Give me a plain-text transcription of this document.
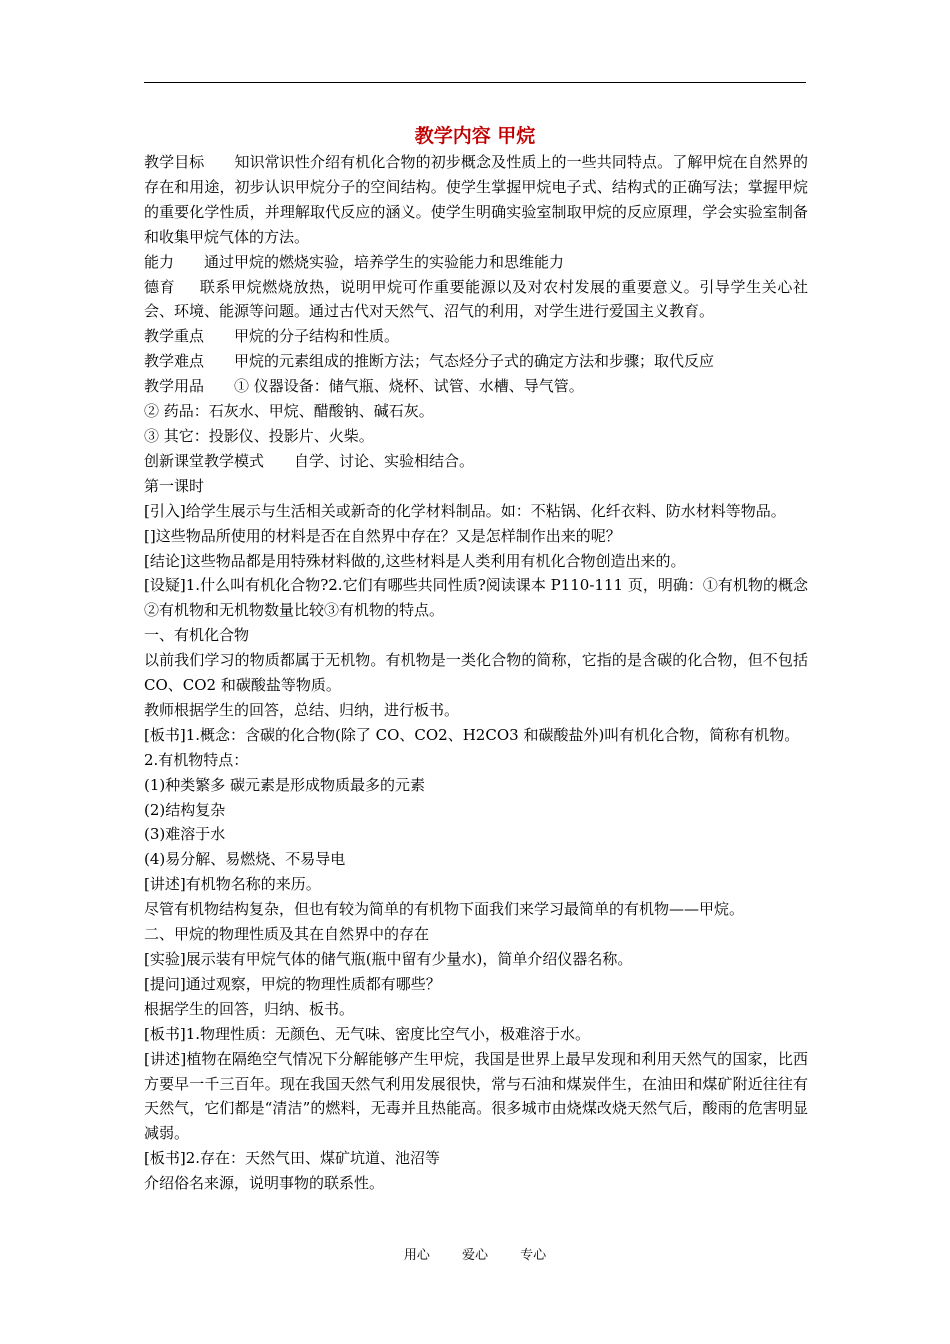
教学内容 甲烷

教学目标 知识常识性介绍有机化合物的初步概念及性质上的一些共同特点。了解甲烷在自然界的存在和用途，初步认识甲烷分子的空间结构。使学生掌握甲烷电子式、结构式的正确写法；掌握甲烷的重要化学性质，并理解取代反应的涵义。使学生明确实验室制取甲烷的反应原理，学会实验室制备和收集甲烷气体的方法。

能力 通过甲烷的燃烧实验，培养学生的实验能力和思维能力

德育 联系甲烷燃烧放热，说明甲烷可作重要能源以及对农村发展的重要意义。引导学生关心社会、环境、能源等问题。通过古代对天然气、沼气的利用，对学生进行爱国主义教育。

教学重点 甲烷的分子结构和性质。

教学难点 甲烷的元素组成的推断方法；气态烃分子式的确定方法和步骤；取代反应

教学用品 ① 仪器设备：储气瓶、烧杯、试管、水槽、导气管。

② 药品：石灰水、甲烷、醋酸钠、碱石灰。

③ 其它：投影仪、投影片、火柴。

创新课堂教学模式 自学、讨论、实验相结合。

第一课时

[引入]给学生展示与生活相关或新奇的化学材料制品。如：不粘锅、化纤衣料、防水材料等物品。

[]这些物品所使用的材料是否在自然界中存在？又是怎样制作出来的呢？

[结论]这些物品都是用特殊材料做的,这些材料是人类利用有机化合物创造出来的。

[设疑]1.什么叫有机化合物?2.它们有哪些共同性质?阅读课本 P110-111 页，明确：①有机物的概念②有机物和无机物数量比较③有机物的特点。

一、有机化合物

以前我们学习的物质都属于无机物。有机物是一类化合物的简称，它指的是含碳的化合物，但不包括 CO、CO2 和碳酸盐等物质。

教师根据学生的回答，总结、归纳，进行板书。

[板书]1.概念：含碳的化合物(除了 CO、CO2、H2CO3 和碳酸盐外)叫有机化合物，简称有机物。

2.有机物特点：

(1)种类繁多 碳元素是形成物质最多的元素

(2)结构复杂

(3)难溶于水

(4)易分解、易燃烧、不易导电

[讲述]有机物名称的来历。

尽管有机物结构复杂，但也有较为简单的有机物下面我们来学习最简单的有机物——甲烷。

二、甲烷的物理性质及其在自然界中的存在

[实验]展示装有甲烷气体的储气瓶(瓶中留有少量水)，简单介绍仪器名称。

[提问]通过观察，甲烷的物理性质都有哪些？

根据学生的回答，归纳、板书。

[板书]1.物理性质：无颜色、无气味、密度比空气小，极难溶于水。

[讲述]植物在隔绝空气情况下分解能够产生甲烷，我国是世界上最早发现和利用天然气的国家，比西方要早一千三百年。现在我国天然气利用发展很快，常与石油和煤炭伴生，在油田和煤矿附近往往有天然气，它们都是“清洁”的燃料，无毒并且热能高。很多城市由烧煤改烧天然气后，酸雨的危害明显减弱。

[板书]2.存在：天然气田、煤矿坑道、池沼等

介绍俗名来源，说明事物的联系性。

用心 爱心 专心
